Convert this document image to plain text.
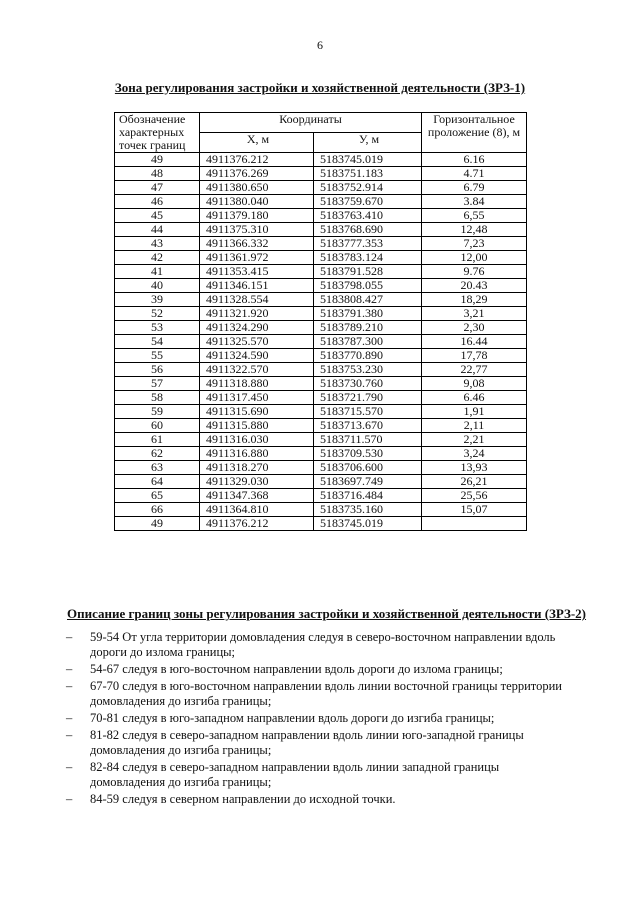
6
Зона регулирования застройки и хозяйственной деятельности (ЗРЗ-1)
Обозначение характерных точек границ	Координаты		Горизонтальное проложение (8), м
	Х, м	У, м	
49	4911376.212	5183745.019	6.16
48	4911376.269	5183751.183	4.71
47	4911380.650	5183752.914	6.79
46	4911380.040	5183759.670	3.84
45	4911379.180	5183763.410	6,55
44	4911375.310	5183768.690	12,48
43	4911366.332	5183777.353	7,23
42	4911361.972	5183783.124	12,00
41	4911353.415	5183791.528	9.76
40	4911346.151	5183798.055	20.43
39	4911328.554	5183808.427	18,29
52	4911321.920	5183791.380	3,21
53	4911324.290	5183789.210	2,30
54	4911325.570	5183787.300	16.44
55	4911324.590	5183770.890	17,78
56	4911322.570	5183753.230	22,77
57	4911318.880	5183730.760	9,08
58	4911317.450	5183721.790	6.46
59	4911315.690	5183715.570	1,91
60	4911315.880	5183713.670	2,11
61	4911316.030	5183711.570	2,21
62	4911316.880	5183709.530	3,24
63	4911318.270	5183706.600	13,93
64	4911329.030	5183697.749	26,21
65	4911347.368	5183716.484	25,56
66	4911364.810	5183735.160	15,07
49	4911376.212	5183745.019	
Описание границ зоны регулирования застройки и хозяйственной деятельности (ЗРЗ-2)
– 59-54 От угла территории домовладения следуя в северо-восточном направлении вдоль дороги до излома границы;
– 54-67 следуя в юго-восточном направлении вдоль дороги до излома границы;
– 67-70 следуя в юго-восточном направлении вдоль линии восточной границы территории домовладения до изгиба границы;
– 70-81 следуя в юго-западном направлении вдоль дороги до изгиба границы;
– 81-82 следуя в северо-западном направлении вдоль линии юго-западной границы домовладения до изгиба границы;
– 82-84 следуя в северо-западном направлении вдоль линии западной границы домовладения до изгиба границы;
– 84-59 следуя в северном направлении до исходной точки.
